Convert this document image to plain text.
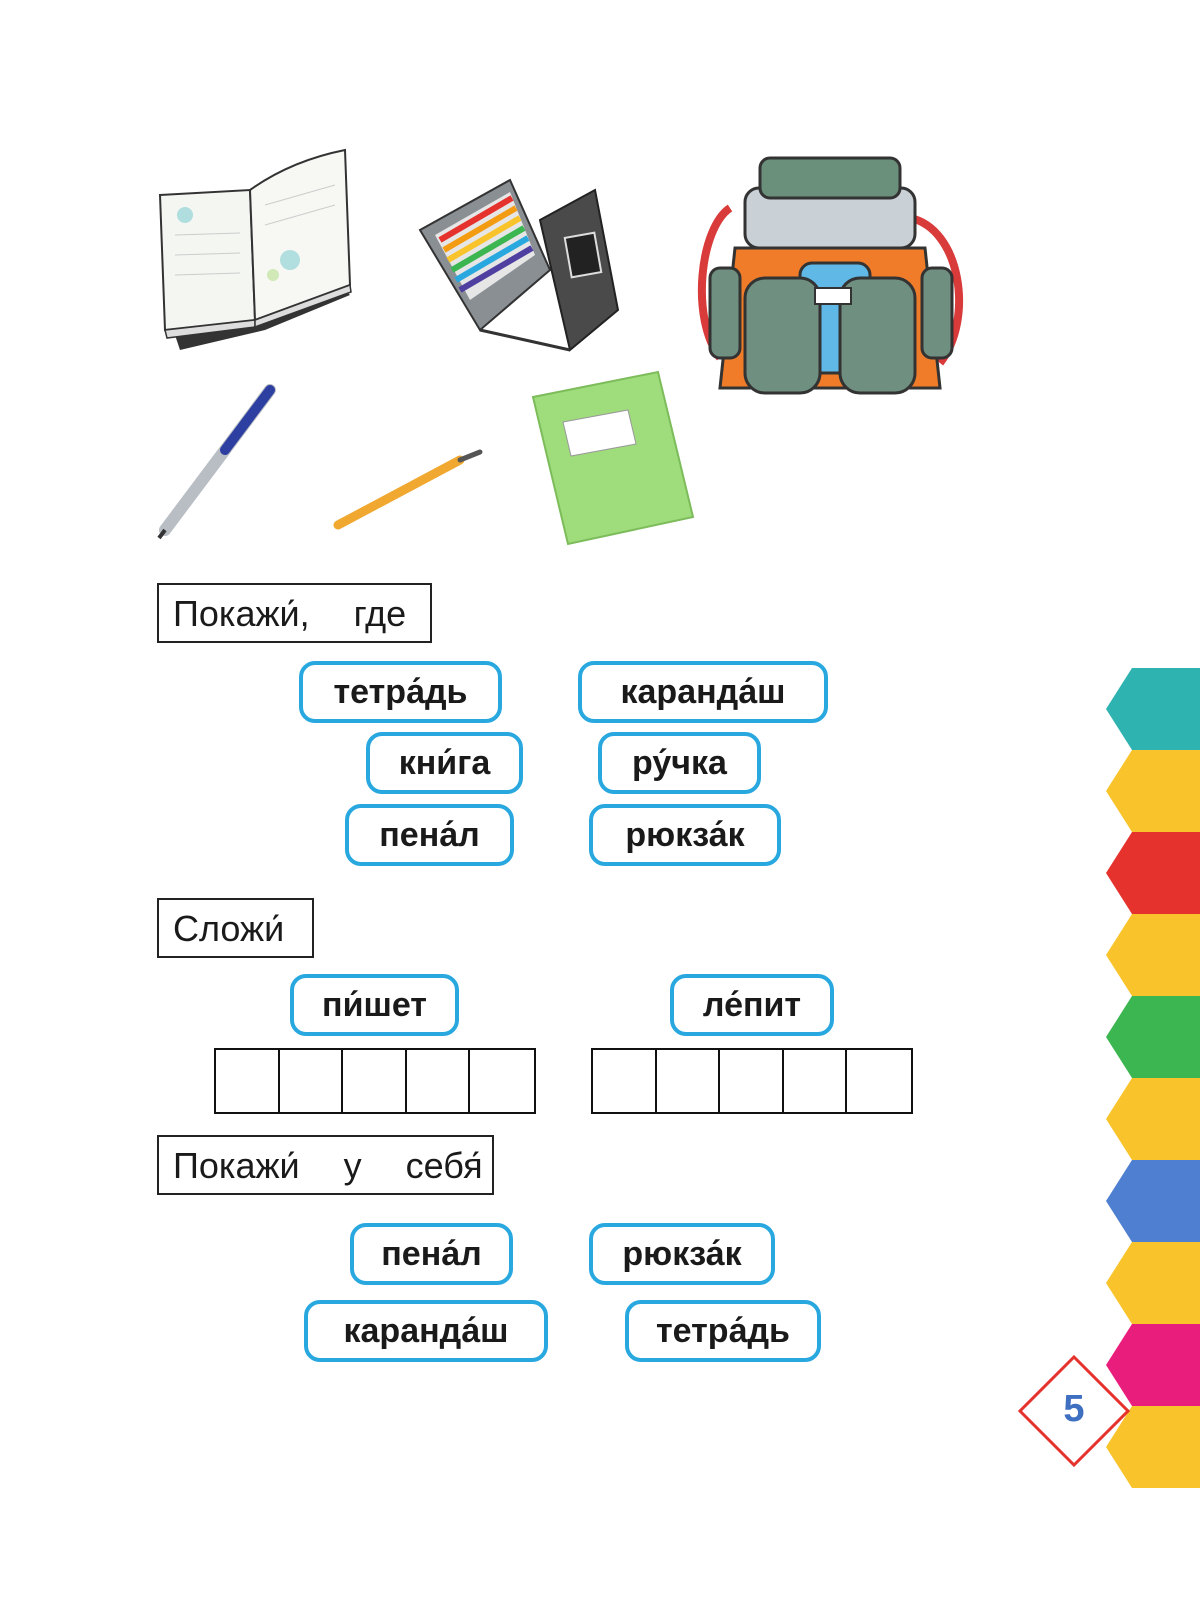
Покажи́,  где
тетра́дь	каранда́ш
кни́га	ру́чка
пена́л	рюкза́к
Сложи́
пи́шет	ле́пит
Покажи́  у  себя́
пена́л	рюкза́к
каранда́ш	тетра́дь
5
